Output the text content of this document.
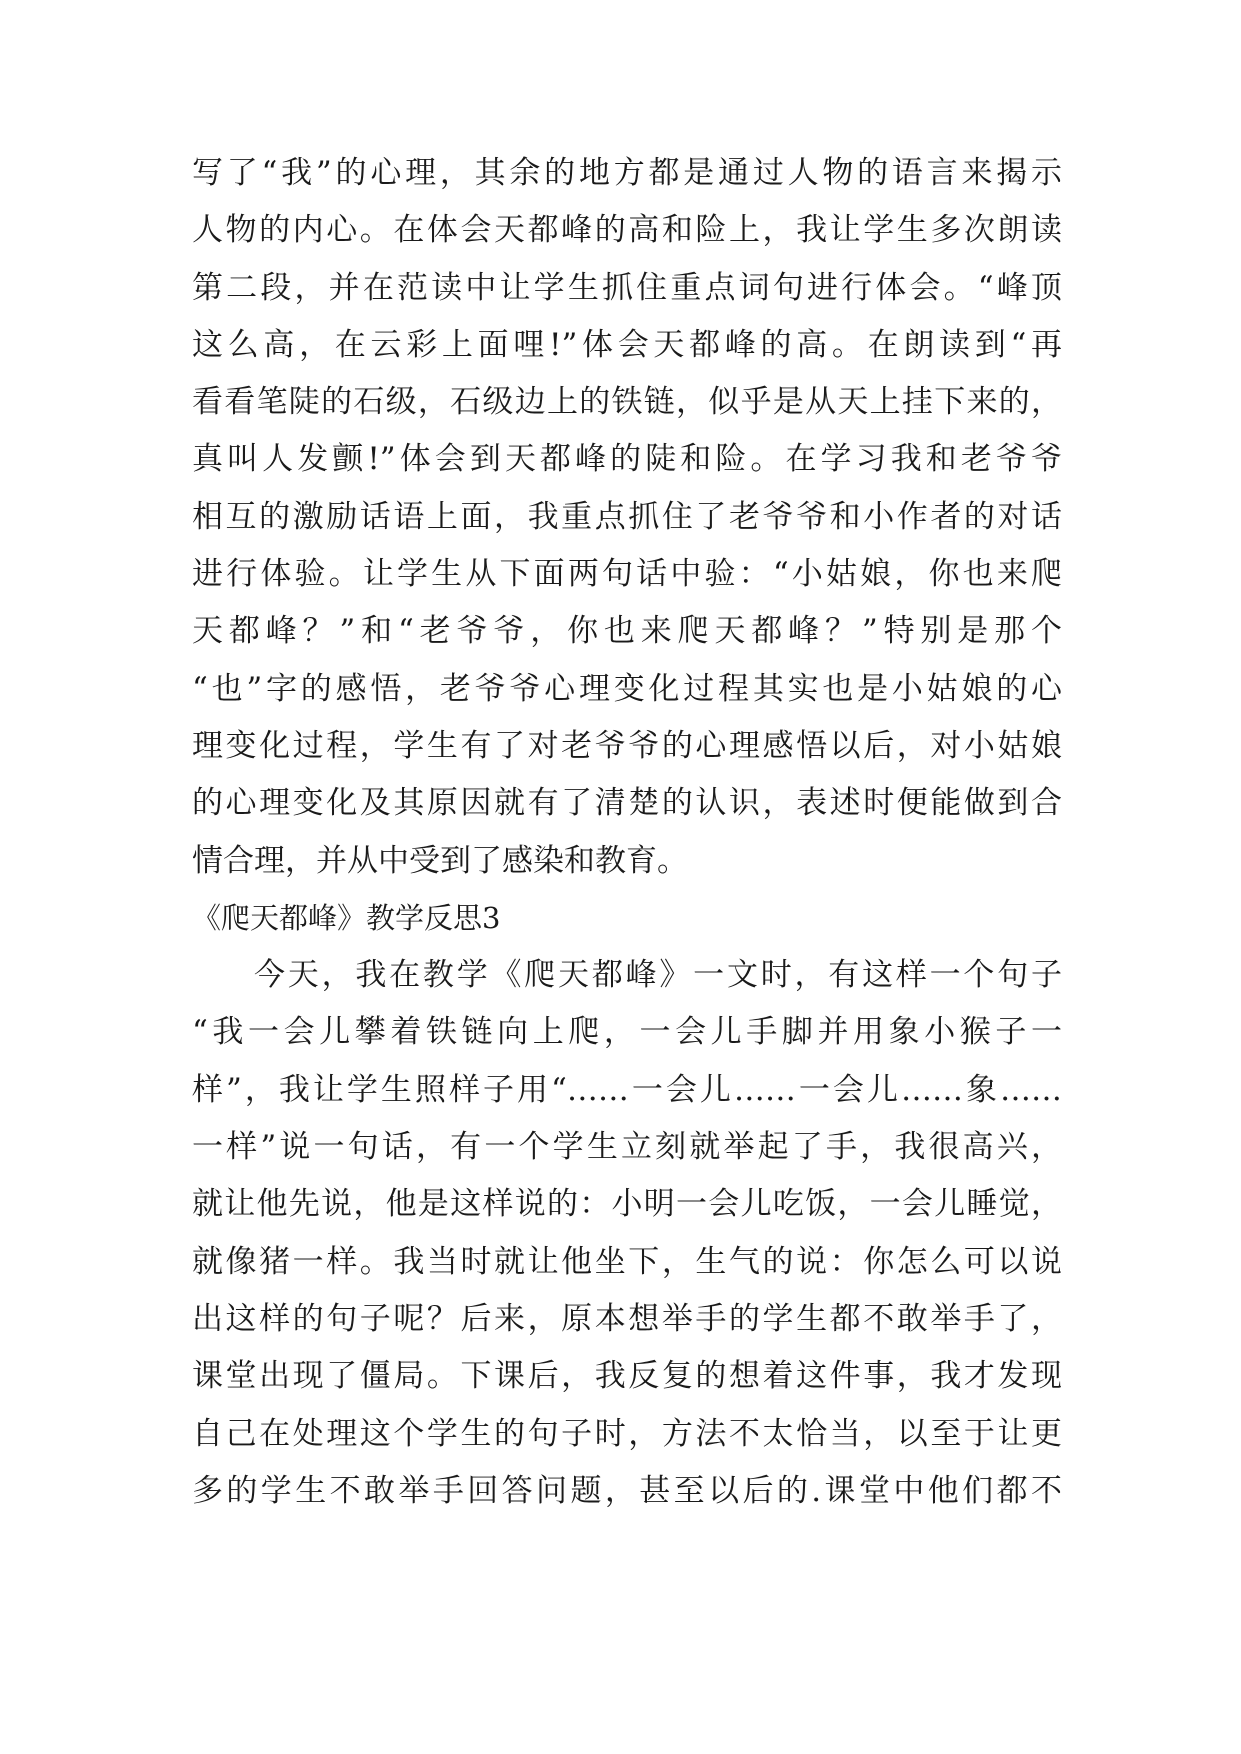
写了“我”的心理，其余的地方都是通过人物的语言来揭示
人物的内心。在体会天都峰的高和险上，我让学生多次朗读
第二段，并在范读中让学生抓住重点词句进行体会。“峰顶
这么高，在云彩上面哩!”体会天都峰的高。在朗读到“再
看看笔陡的石级，石级边上的铁链，似乎是从天上挂下来的，
真叫人发颤!”体会到天都峰的陡和险。在学习我和老爷爷
相互的激励话语上面，我重点抓住了老爷爷和小作者的对话
进行体验。让学生从下面两句话中验：“小姑娘，你也来爬
天都峰？”和“老爷爷，你也来爬天都峰？”特别是那个
“也”字的感悟，老爷爷心理变化过程其实也是小姑娘的心
理变化过程，学生有了对老爷爷的心理感悟以后，对小姑娘
的心理变化及其原因就有了清楚的认识，表述时便能做到合
情合理，并从中受到了感染和教育。
《爬天都峰》教学反思3
今天，我在教学《爬天都峰》一文时，有这样一个句子
“我一会儿攀着铁链向上爬，一会儿手脚并用象小猴子一
样”，我让学生照样子用“……一会儿……一会儿……象……
一样”说一句话，有一个学生立刻就举起了手，我很高兴，
就让他先说，他是这样说的：小明一会儿吃饭，一会儿睡觉，
就像猪一样。我当时就让他坐下，生气的说：你怎么可以说
出这样的句子呢？后来，原本想举手的学生都不敢举手了，
课堂出现了僵局。下课后，我反复的想着这件事，我才发现
自己在处理这个学生的句子时，方法不太恰当，以至于让更
多的学生不敢举手回答问题，甚至以后的.课堂中他们都不
